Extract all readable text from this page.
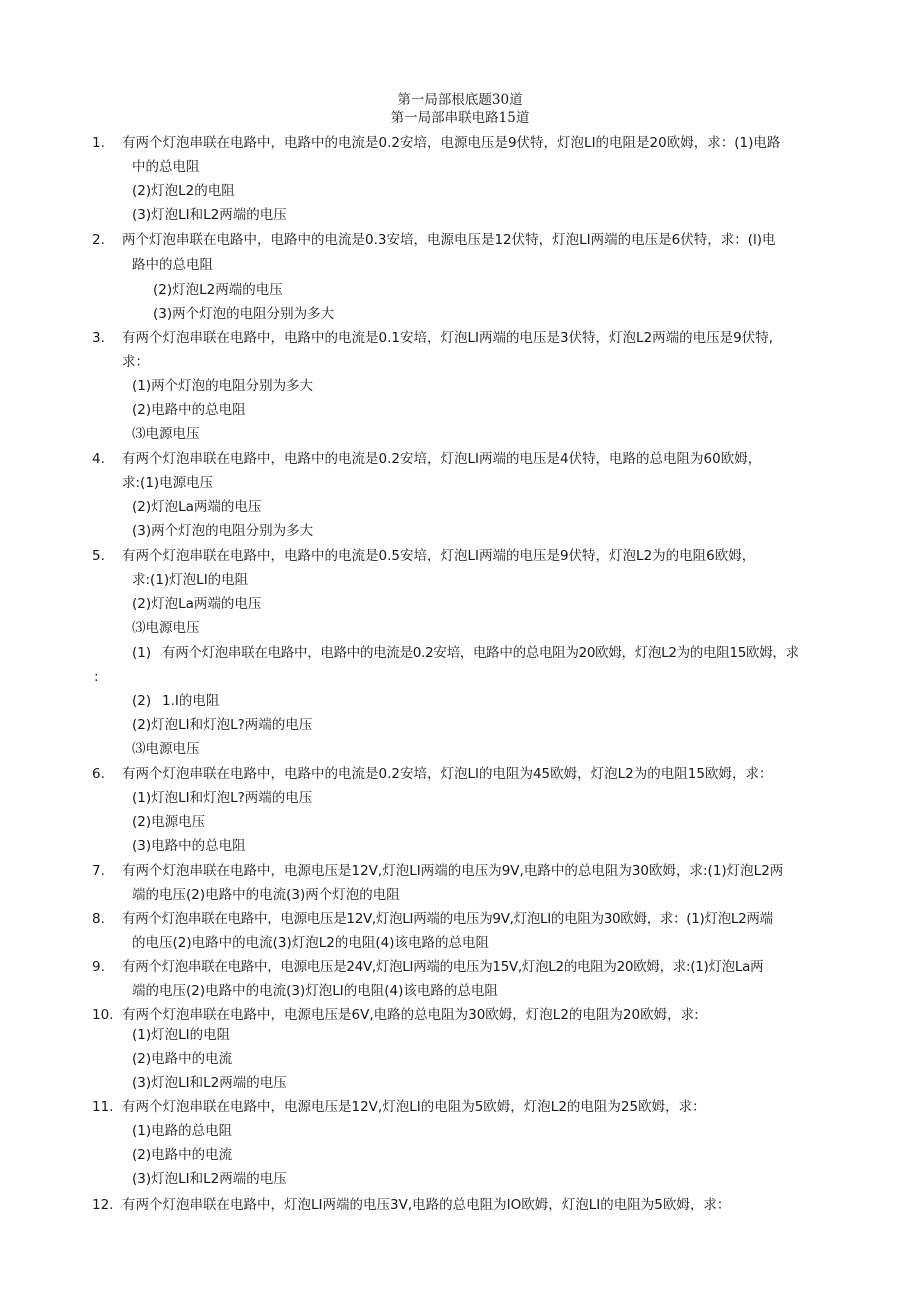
第一局部根底题30道
第一局部串联电路15道
1. 有两个灯泡串联在电路中，电路中的电流是0.2安培，电源电压是9伏特，灯泡LI的电阻是20欧姆，求：(1)电路
中的总电阻
(2)灯泡L2的电阻
(3)灯泡LI和L2两端的电压
2. 两个灯泡串联在电路中，电路中的电流是0.3安培，电源电压是12伏特，灯泡LI两端的电压是6伏特，求：(l)电
路中的总电阻
(2)灯泡L2两端的电压
(3)两个灯泡的电阻分别为多大
3. 有两个灯泡串联在电路中，电路中的电流是0.1安培，灯泡LI两端的电压是3伏特，灯泡L2两端的电压是9伏特,
求：
(1)两个灯泡的电阻分别为多大
(2)电路中的总电阻
⑶电源电压
4. 有两个灯泡串联在电路中，电路中的电流是0.2安培，灯泡LI两端的电压是4伏特，电路的总电阻为60欧姆，
求:(1)电源电压
(2)灯泡La两端的电压
(3)两个灯泡的电阻分别为多大
5. 有两个灯泡串联在电路中，电路中的电流是0.5安培，灯泡LI两端的电压是9伏特，灯泡L2为的电阻6欧姆，
求:(1)灯泡LI的电阻
(2)灯泡La两端的电压
⑶电源电压
(1) 有两个灯泡串联在电路中，电路中的电流是0.2安培，电路中的总电阻为20欧姆，灯泡L2为的电阻15欧姆，求
:
(2) 1.I的电阻
(2)灯泡LI和灯泡L?两端的电压
⑶电源电压
6. 有两个灯泡串联在电路中，电路中的电流是0.2安培，灯泡LI的电阻为45欧姆，灯泡L2为的电阻15欧姆，求：
(1)灯泡LI和灯泡L?两端的电压
(2)电源电压
(3)电路中的总电阻
7. 有两个灯泡串联在电路中，电源电压是12V,灯泡LI两端的电压为9V,电路中的总电阻为30欧姆，求:(1)灯泡L2两
端的电压(2)电路中的电流(3)两个灯泡的电阻
8. 有两个灯泡串联在电路中，电源电压是12V,灯泡LI两端的电压为9V,灯泡LI的电阻为30欧姆，求：(1)灯泡L2两端
的电压(2)电路中的电流(3)灯泡L2的电阻(4)该电路的总电阻
9. 有两个灯泡串联在电路中，电源电压是24V,灯泡LI两端的电压为15V,灯泡L2的电阻为20欧姆，求:(1)灯泡La两
端的电压(2)电路中的电流(3)灯泡LI的电阻(4)该电路的总电阻
10. 有两个灯泡串联在电路中，电源电压是6V,电路的总电阻为30欧姆，灯泡L2的电阻为20欧姆，求:
(1)灯泡LI的电阻
(2)电路中的电流
(3)灯泡LI和L2两端的电压
11. 有两个灯泡串联在电路中，电源电压是12V,灯泡LI的电阻为5欧姆，灯泡L2的电阻为25欧姆，求：
(1)电路的总电阻
(2)电路中的电流
(3)灯泡LI和L2两端的电压
12. 有两个灯泡串联在电路中，灯泡LI两端的电压3V,电路的总电阻为IO欧姆，灯泡LI的电阻为5欧姆，求：
